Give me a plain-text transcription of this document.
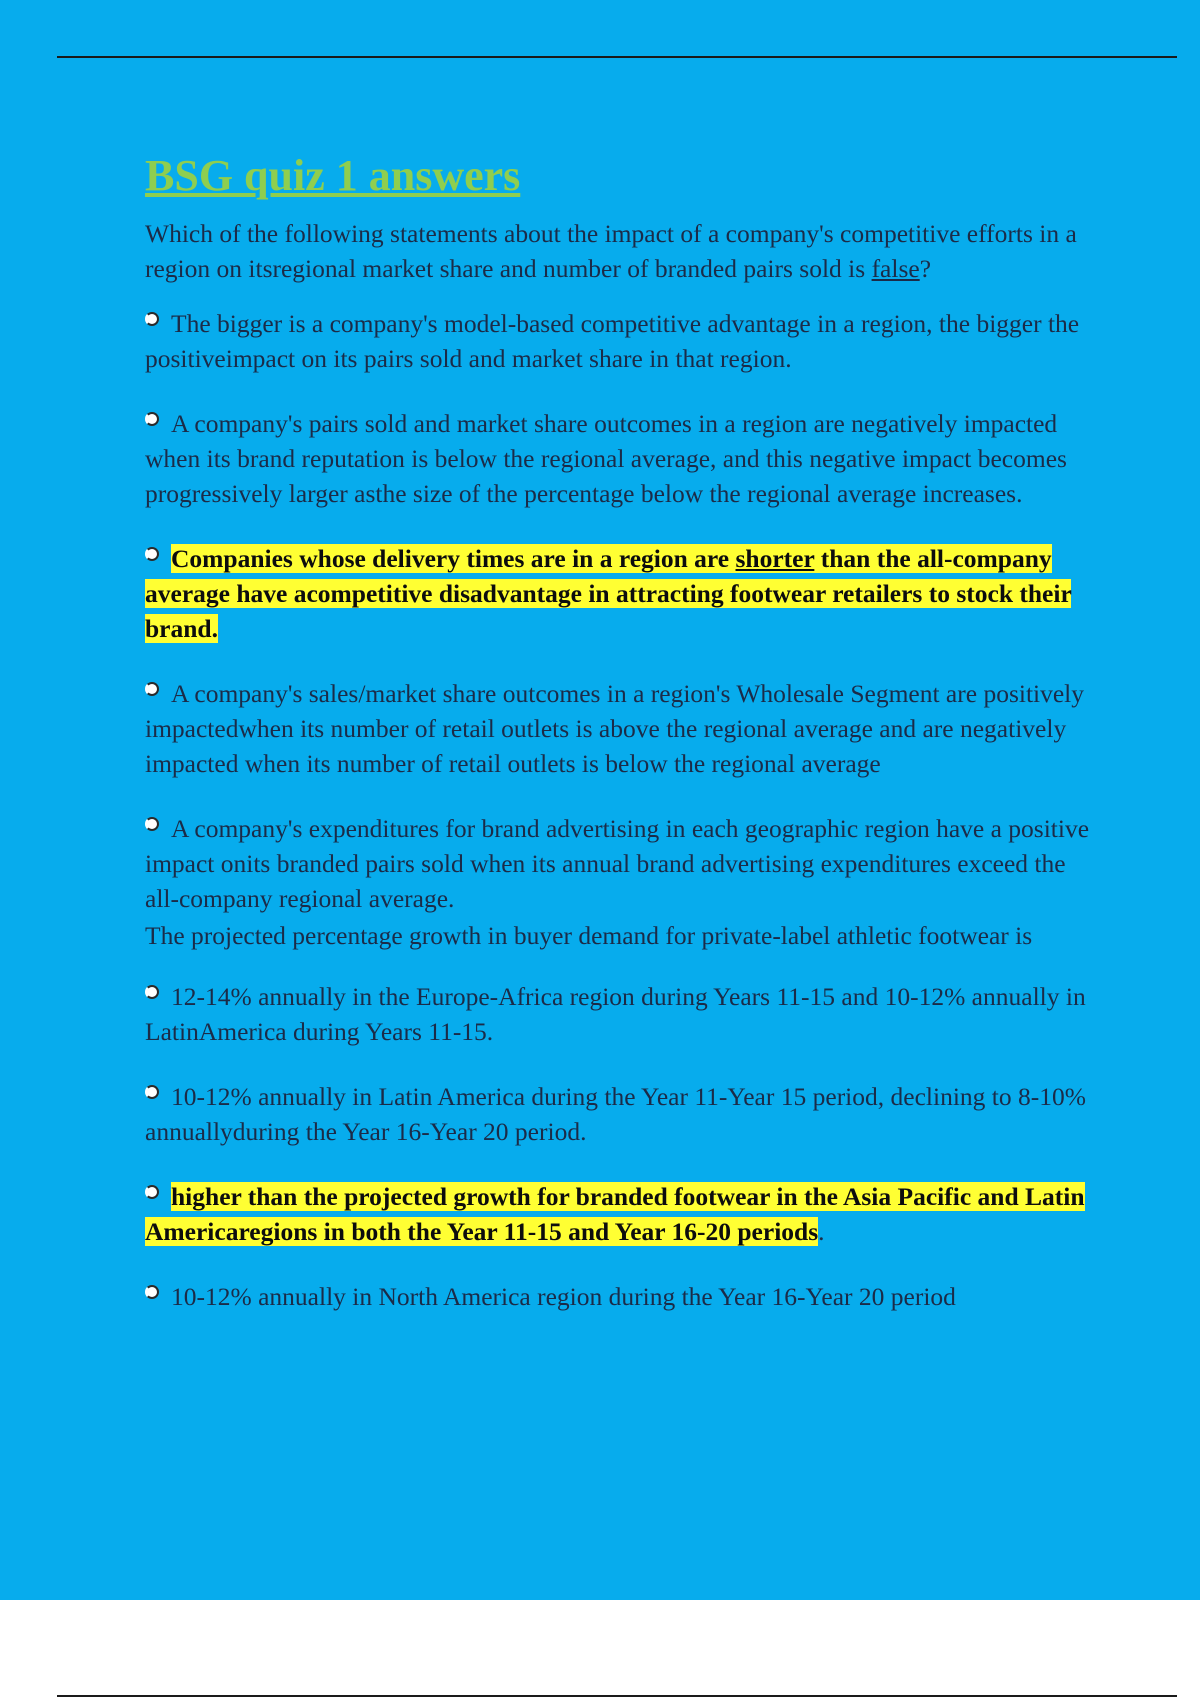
BSG quiz 1 answers

Which of the following statements about the impact of a company's competitive efforts in a region on itsregional market share and number of branded pairs sold is false?

The bigger is a company's model-based competitive advantage in a region, the bigger the positiveimpact on its pairs sold and market share in that region.

A company's pairs sold and market share outcomes in a region are negatively impacted when its brand reputation is below the regional average, and this negative impact becomes progressively larger asthe size of the percentage below the regional average increases.

Companies whose delivery times are in a region are shorter than the all-company average have acompetitive disadvantage in attracting footwear retailers to stock their brand.

A company's sales/market share outcomes in a region's Wholesale Segment are positively impactedwhen its number of retail outlets is above the regional average and are negatively impacted when its number of retail outlets is below the regional average

A company's expenditures for brand advertising in each geographic region have a positive impact onits branded pairs sold when its annual brand advertising expenditures exceed the all-company regional average.

The projected percentage growth in buyer demand for private-label athletic footwear is

12-14% annually in the Europe-Africa region during Years 11-15 and 10-12% annually in LatinAmerica during Years 11-15.

10-12% annually in Latin America during the Year 11-Year 15 period, declining to 8-10% annuallyduring the Year 16-Year 20 period.

higher than the projected growth for branded footwear in the Asia Pacific and Latin Americaregions in both the Year 11-15 and Year 16-20 periods.

10-12% annually in North America region during the Year 16-Year 20 period
